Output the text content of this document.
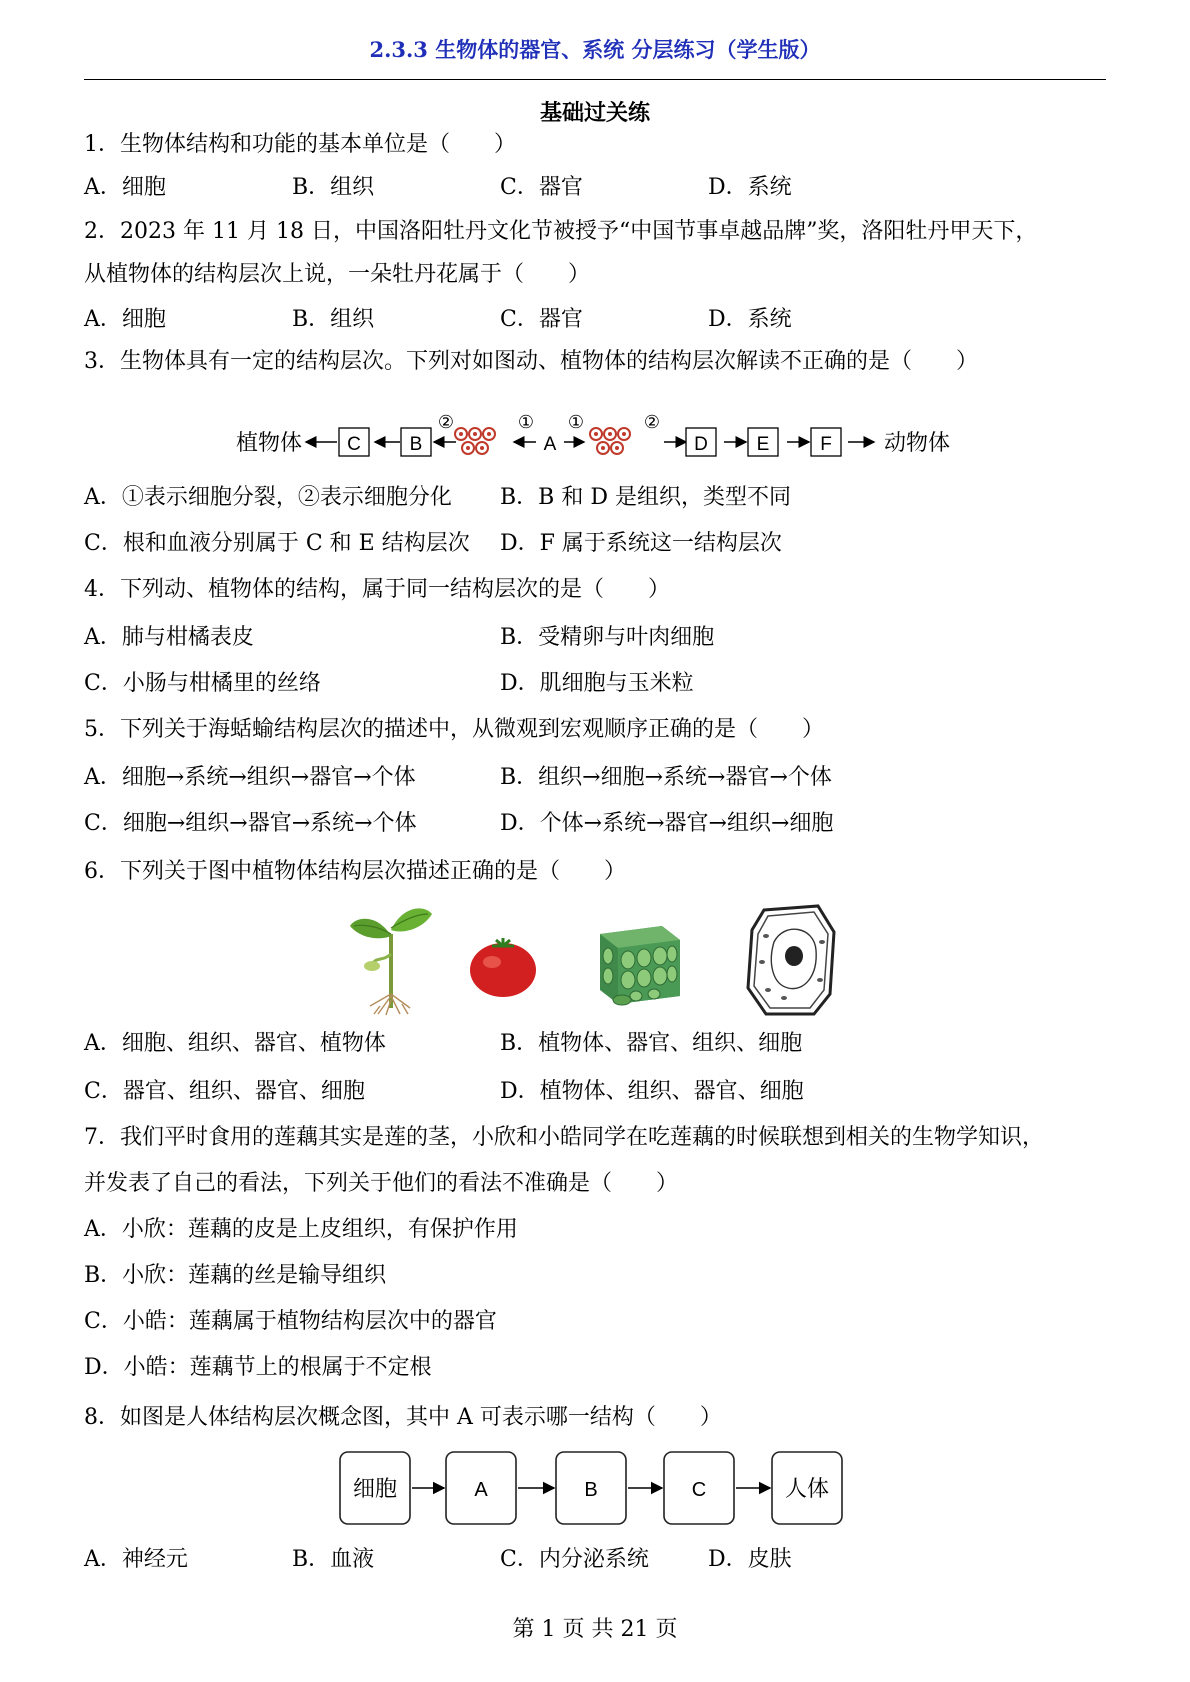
2.3.3 生物体的器官、系统 分层练习（学生版）
基础过关练
1．生物体结构和功能的基本单位是（　　）
A．细胞	B．组织	C．器官	D．系统
2．2023 年 11 月 18 日，中国洛阳牡丹文化节被授予“中国节事卓越品牌”奖，洛阳牡丹甲天下，
从植物体的结构层次上说，一朵牡丹花属于（　　）
A．细胞	B．组织	C．器官	D．系统
3．生物体具有一定的结构层次。下列对如图动、植物体的结构层次解读不正确的是（　　）
植物体 C	B	A	D	E	F 动物体
②	① ①	②
A．①表示细胞分裂，②表示细胞分化 B．B 和 D 是组织，类型不同
C．根和血液分别属于 C 和 E 结构层次 D．F 属于系统这一结构层次
4．下列动、植物体的结构，属于同一结构层次的是（　　）
A．肺与柑橘表皮	B．受精卵与叶肉细胞
C．小肠与柑橘里的丝络	D．肌细胞与玉米粒
5．下列关于海蛞蝓结构层次的描述中，从微观到宏观顺序正确的是（　　）
A．细胞→系统→组织→器官→个体	B．组织→细胞→系统→器官→个体
C．细胞→组织→器官→系统→个体	D．个体→系统→器官→组织→细胞
6．下列关于图中植物体结构层次描述正确的是（　　）
A．细胞、组织、器官、植物体	B．植物体、器官、组织、细胞
C．器官、组织、器官、细胞	D．植物体、组织、器官、细胞
7．我们平时食用的莲藕其实是莲的茎，小欣和小皓同学在吃莲藕的时候联想到相关的生物学知识，
并发表了自己的看法，下列关于他们的看法不准确是（　　）
A．小欣：莲藕的皮是上皮组织，有保护作用
B．小欣：莲藕的丝是输导组织
C．小皓：莲藕属于植物结构层次中的器官
D．小皓：莲藕节上的根属于不定根
8．如图是人体结构层次概念图，其中 A 可表示哪一结构（　　）
细胞	A	B	C	人体
A．神经元	B．血液	C．内分泌系统	D．皮肤
第 1 页 共 21 页
